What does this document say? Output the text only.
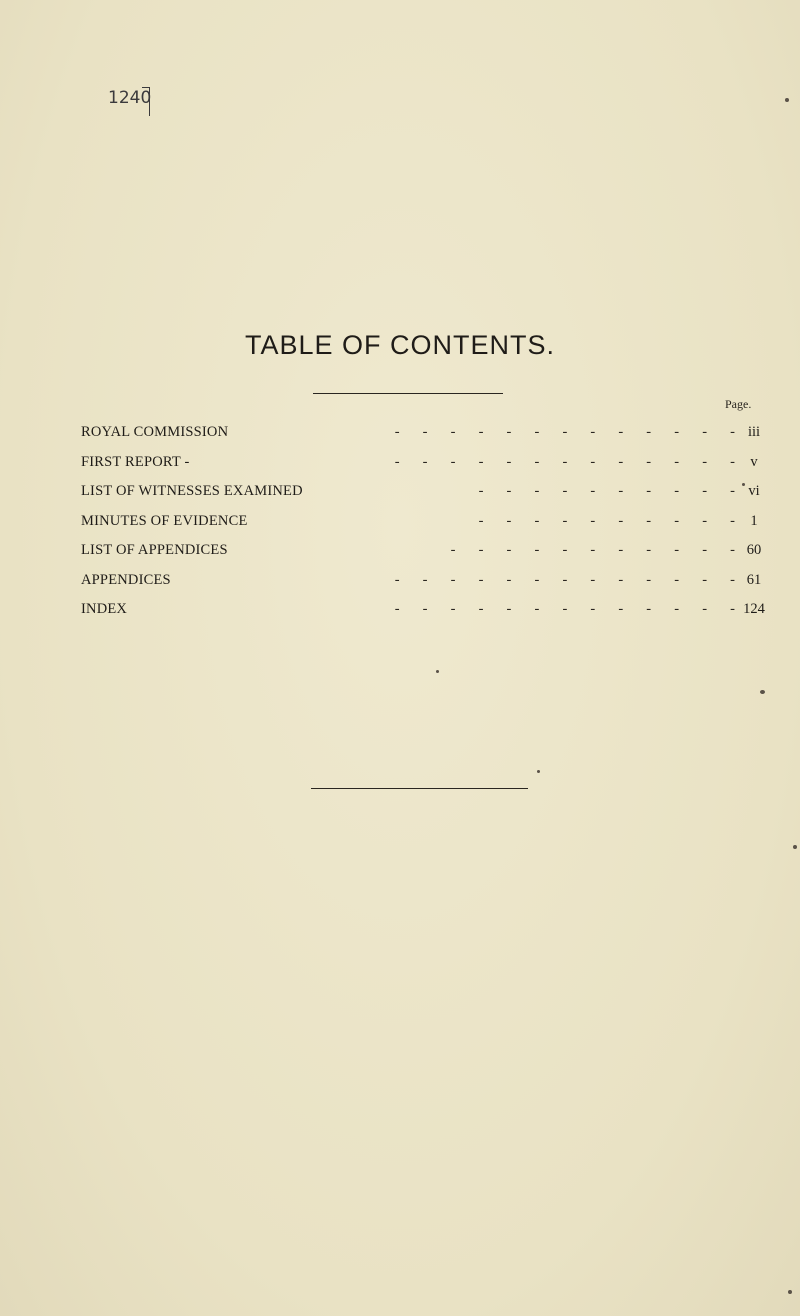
1240
TABLE OF CONTENTS.
Page.
ROYAL COMMISSION	- - - - - - - - - - - - - iii
FIRST REPORT -	- - - - - - - - - - - - -	v
LIST OF WITNESSES EXAMINED	- - - - - - - - - - vi
MINUTES OF EVIDENCE	- - - - - - - - - -	1
LIST OF APPENDICES	- - - - - - - - - - - 60
APPENDICES	- - - - - - - - - - - - - 61
INDEX	- - - - - - - - - - - - - 124
